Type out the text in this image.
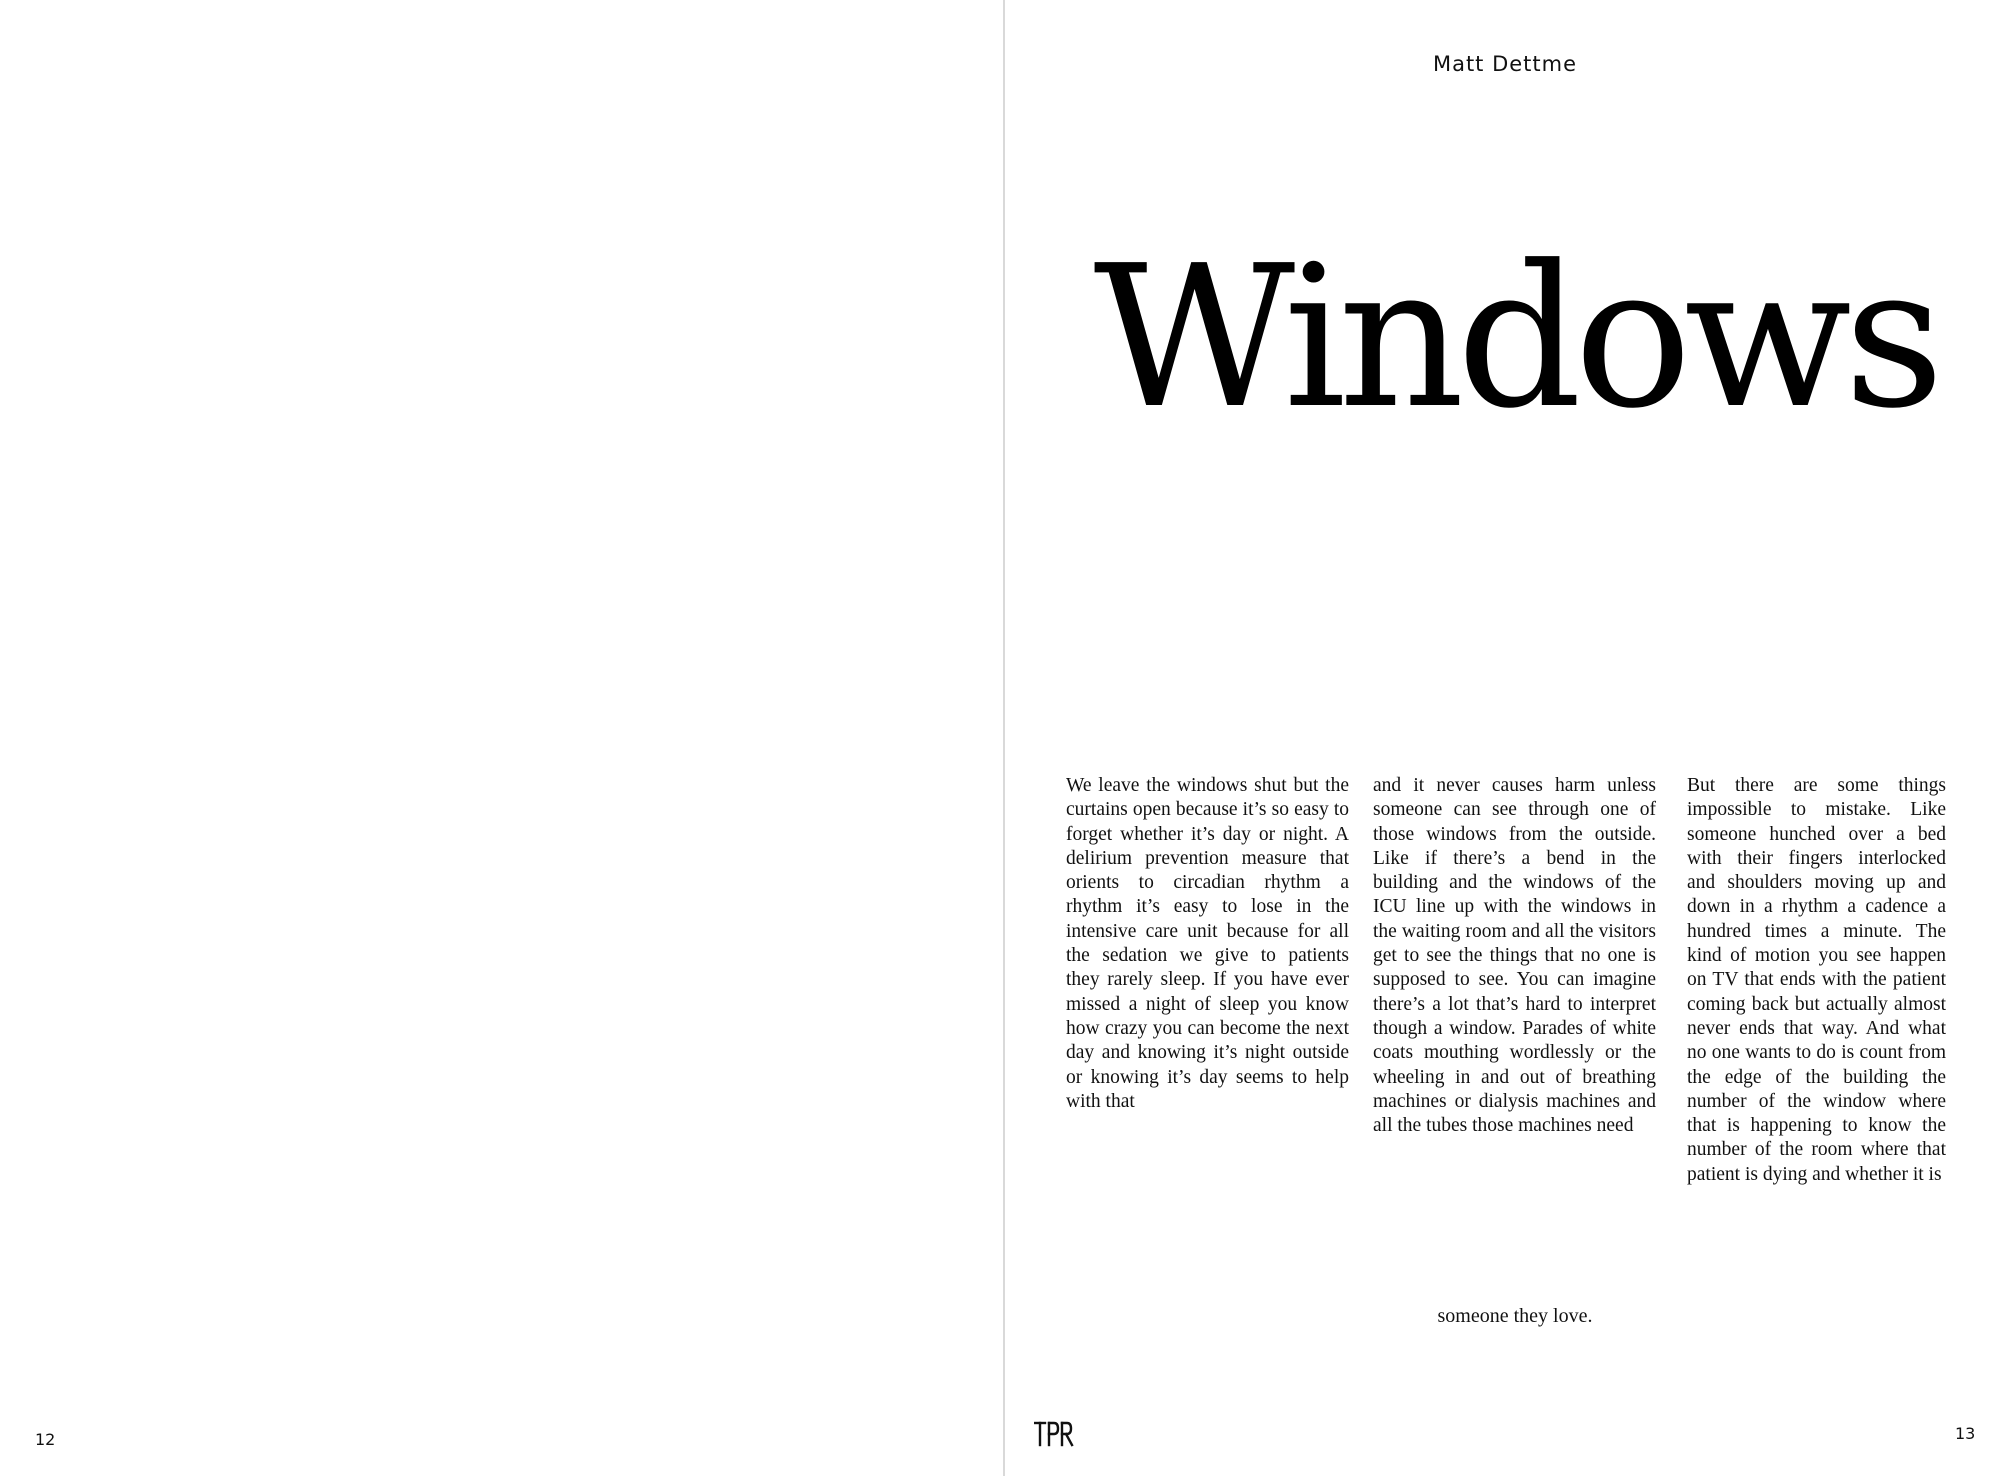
Matt Dettme
Windows

We leave the windows shut but the curtains open because it’s so easy to forget whether it’s day or night. A delirium prevention measure that orients to circadian rhythm a rhythm it’s easy to lose in the intensive care unit because for all the sedation we give to patients they rarely sleep. If you have ever missed a night of sleep you know how crazy you can become the next day and knowing it’s night outside or knowing it’s day seems to help with that

and it never causes harm unless someone can see through one of those windows from the outside. Like if there’s a bend in the building and the windows of the ICU line up with the windows in the waiting room and all the visitors get to see the things that no one is supposed to see. You can imagine there’s a lot that’s hard to interpret though a window. Parades of white coats mouthing wordlessly or the wheeling in and out of breathing machines or dialysis machines and all the tubes those machines need

But there are some things impossible to mistake. Like someone hunched over a bed with their fingers interlocked and shoulders moving up and down in a rhythm a cadence a hundred times a minute. The kind of motion you see happen on TV that ends with the patient coming back but actually almost never ends that way. And what no one wants to do is count from the edge of the building the number of the window where that is happening to know the number of the room where that patient is dying and whether it is

someone they love.
12	13
